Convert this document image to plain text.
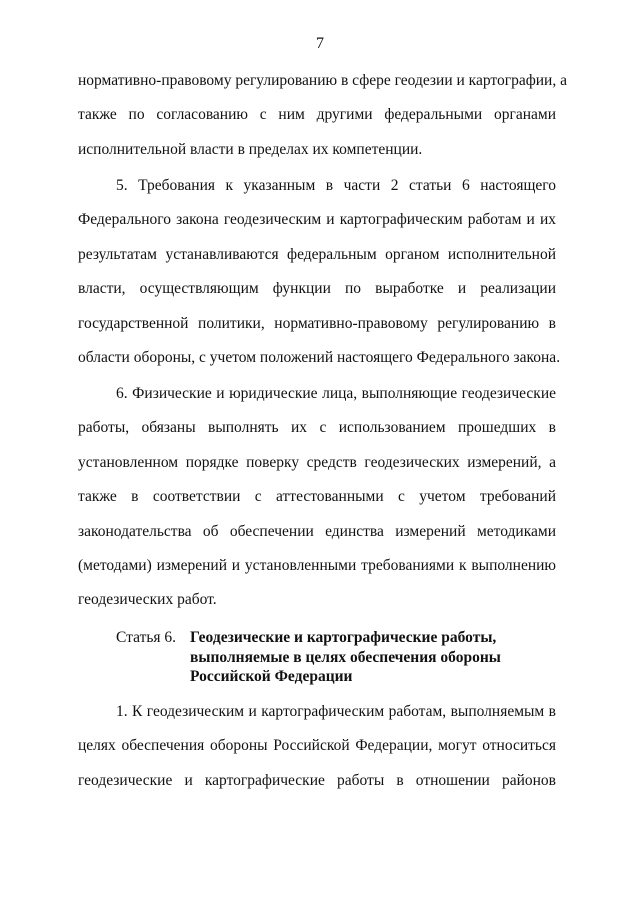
7
нормативно-правовому регулированию в сфере геодезии и картографии, а
также по согласованию с ним другими федеральными органами
исполнительной власти в пределах их компетенции.
5. Требования к указанным в части 2 статьи 6 настоящего
Федерального закона геодезическим и картографическим работам и их
результатам устанавливаются федеральным органом исполнительной
власти, осуществляющим функции по выработке и реализации
государственной политики, нормативно-правовому регулированию в
области обороны, с учетом положений настоящего Федерального закона.
6. Физические и юридические лица, выполняющие геодезические
работы, обязаны выполнять их с использованием прошедших в
установленном порядке поверку средств геодезических измерений, а
также в соответствии с аттестованными с учетом требований
законодательства об обеспечении единства измерений методиками
(методами) измерений и установленными требованиями к выполнению
геодезических работ.
Статья 6. Геодезические и картографические работы,
выполняемые в целях обеспечения обороны
Российской Федерации
1. К геодезическим и картографическим работам, выполняемым в
целях обеспечения обороны Российской Федерации, могут относиться
геодезические и картографические работы в отношении районов
